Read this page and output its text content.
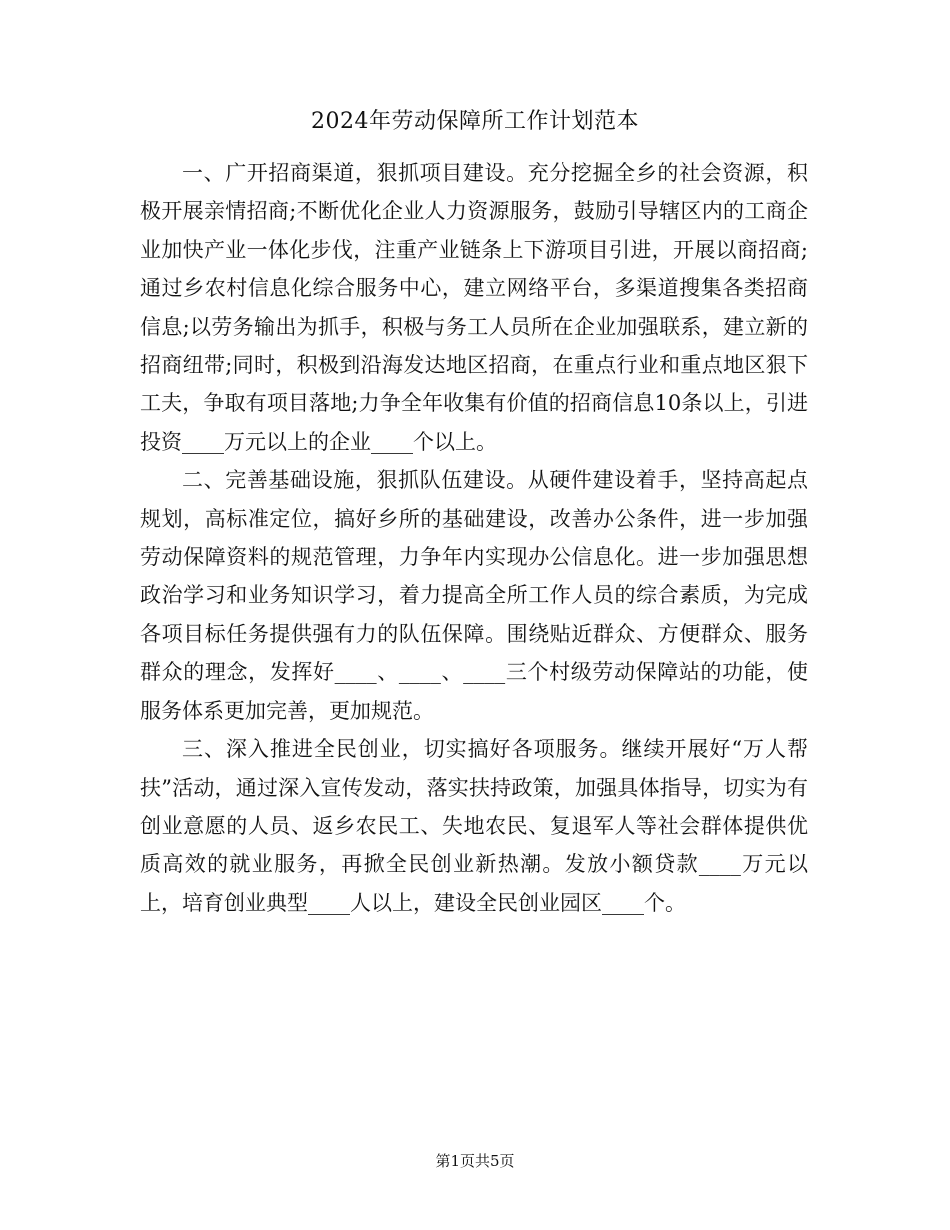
2024年劳动保障所工作计划范本

一、广开招商渠道，狠抓项目建设。充分挖掘全乡的社会资源，积极开展亲情招商;不断优化企业人力资源服务，鼓励引导辖区内的工商企业加快产业一体化步伐，注重产业链条上下游项目引进，开展以商招商;通过乡农村信息化综合服务中心，建立网络平台，多渠道搜集各类招商信息;以劳务输出为抓手，积极与务工人员所在企业加强联系，建立新的招商纽带;同时，积极到沿海发达地区招商，在重点行业和重点地区狠下工夫，争取有项目落地;力争全年收集有价值的招商信息10条以上，引进投资____万元以上的企业____个以上。

二、完善基础设施，狠抓队伍建设。从硬件建设着手，坚持高起点规划，高标准定位，搞好乡所的基础建设，改善办公条件，进一步加强劳动保障资料的规范管理，力争年内实现办公信息化。进一步加强思想政治学习和业务知识学习，着力提高全所工作人员的综合素质，为完成各项目标任务提供强有力的队伍保障。围绕贴近群众、方便群众、服务群众的理念，发挥好____、____、____三个村级劳动保障站的功能，使服务体系更加完善，更加规范。

三、深入推进全民创业，切实搞好各项服务。继续开展好“万人帮扶”活动，通过深入宣传发动，落实扶持政策，加强具体指导，切实为有创业意愿的人员、返乡农民工、失地农民、复退军人等社会群体提供优质高效的就业服务，再掀全民创业新热潮。发放小额贷款____万元以上，培育创业典型____人以上，建设全民创业园区____个。

第1页共5页
